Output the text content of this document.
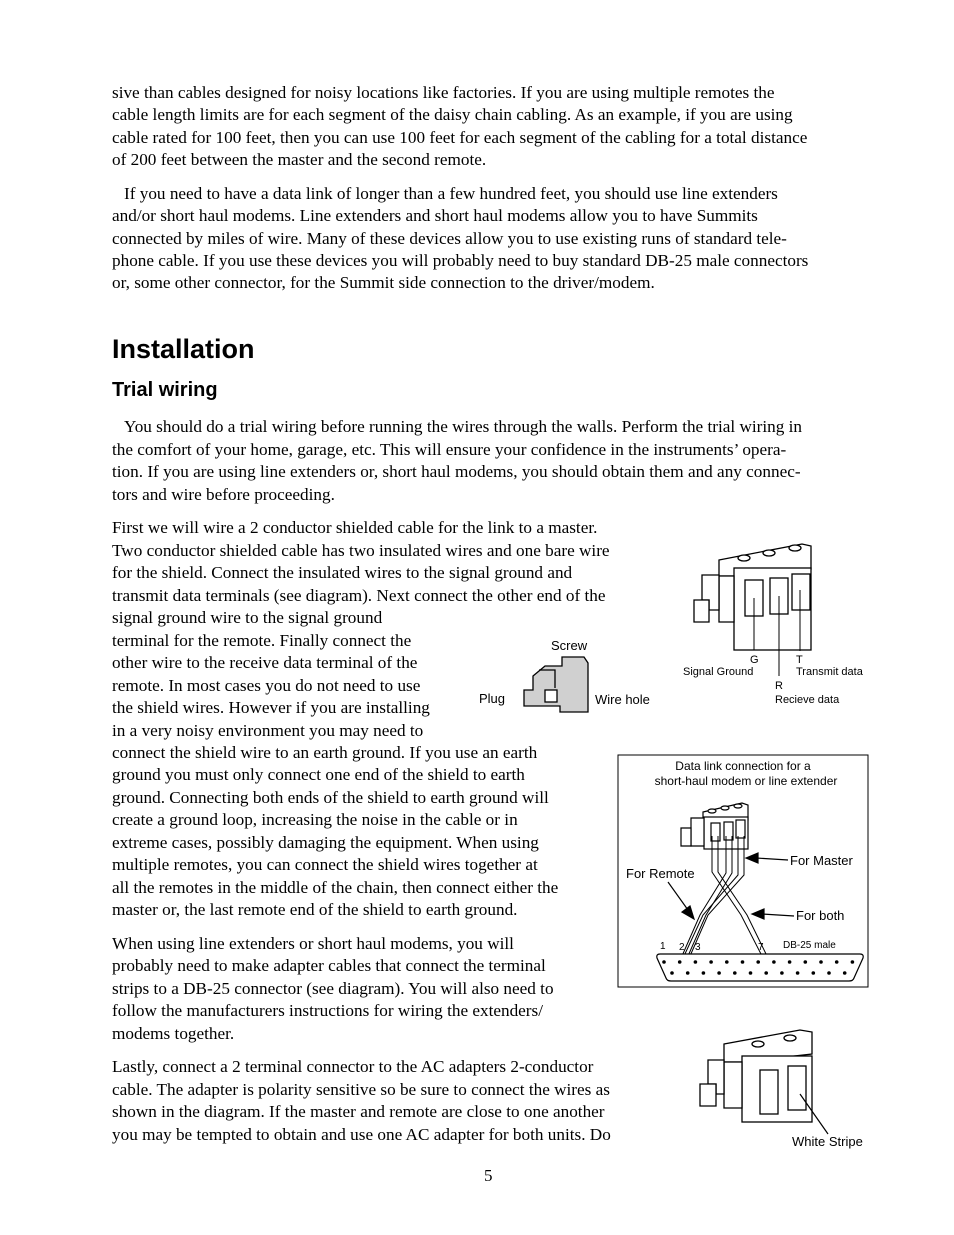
sive than cables designed for noisy locations like factories. If you are using multiple remotes the

cable length limits are for each segment of the daisy chain cabling. As an example, if you are using

cable rated for 100 feet, then you can use 100 feet for each segment of the cabling for a total distance

of 200 feet between the master and the second remote.

If you need to have a data link of longer than a few hundred feet, you should use line extenders

and/or short haul modems. Line extenders and short haul modems allow you to have Summits

connected by miles of wire. Many of these devices allow you to use existing runs of standard tele-

phone cable. If you use these devices you will probably need to buy standard DB-25 male connectors

or, some other connector, for the Summit side connection to the driver/modem.

Installation
Trial wiring

You should do a trial wiring before running the wires through the walls. Perform the trial wiring in

the comfort of your home, garage, etc. This will ensure your confidence in the instruments’ opera-

tion. If you are using line extenders or, short haul modems, you should obtain them and any connec-

tors and wire before proceeding.

First we will wire a 2 conductor shielded cable for the link to a master.

Two conductor shielded cable has two insulated wires and one bare wire

for the shield. Connect the insulated wires to the signal ground and

transmit data terminals (see diagram). Next connect the other end of the

signal ground wire to the signal ground

terminal for the remote. Finally connect the

other wire to the receive data terminal of the

remote. In most cases you do not need to use

the shield wires. However if you are installing

in a very noisy environment you may need to

connect the shield wire to an earth ground. If you use an earth

ground you must only connect one end of the shield to earth

ground. Connecting both ends of the shield to earth ground will

create a ground loop, increasing the noise in the cable or in

extreme cases, possibly damaging the equipment. When using

multiple remotes, you can connect the shield wires together at

all the remotes in the middle of the chain, then connect either the

master or, the last remote end of the shield to earth ground.

When using line extenders or short haul modems, you will

probably need to make adapter cables that connect the terminal

strips to a DB-25 connector (see diagram). You will also need to

follow the manufacturers instructions for wiring the extenders/

modems together.

Lastly, connect a 2 terminal connector to the AC adapters 2-conductor

cable. The adapter is polarity sensitive so be sure to connect the wires as

shown in the diagram. If the master and remote are close to one another

you may be tempted to obtain and use one AC adapter for both units. Do

5

G
Signal Ground
T
Transmit data
R
Recieve data
Screw
Plug	Wire hole
Data link connection for a
short-haul modem or line extender
For Master
For Remote
For both
1 2 3	7 DB-25 male
White Stripe
